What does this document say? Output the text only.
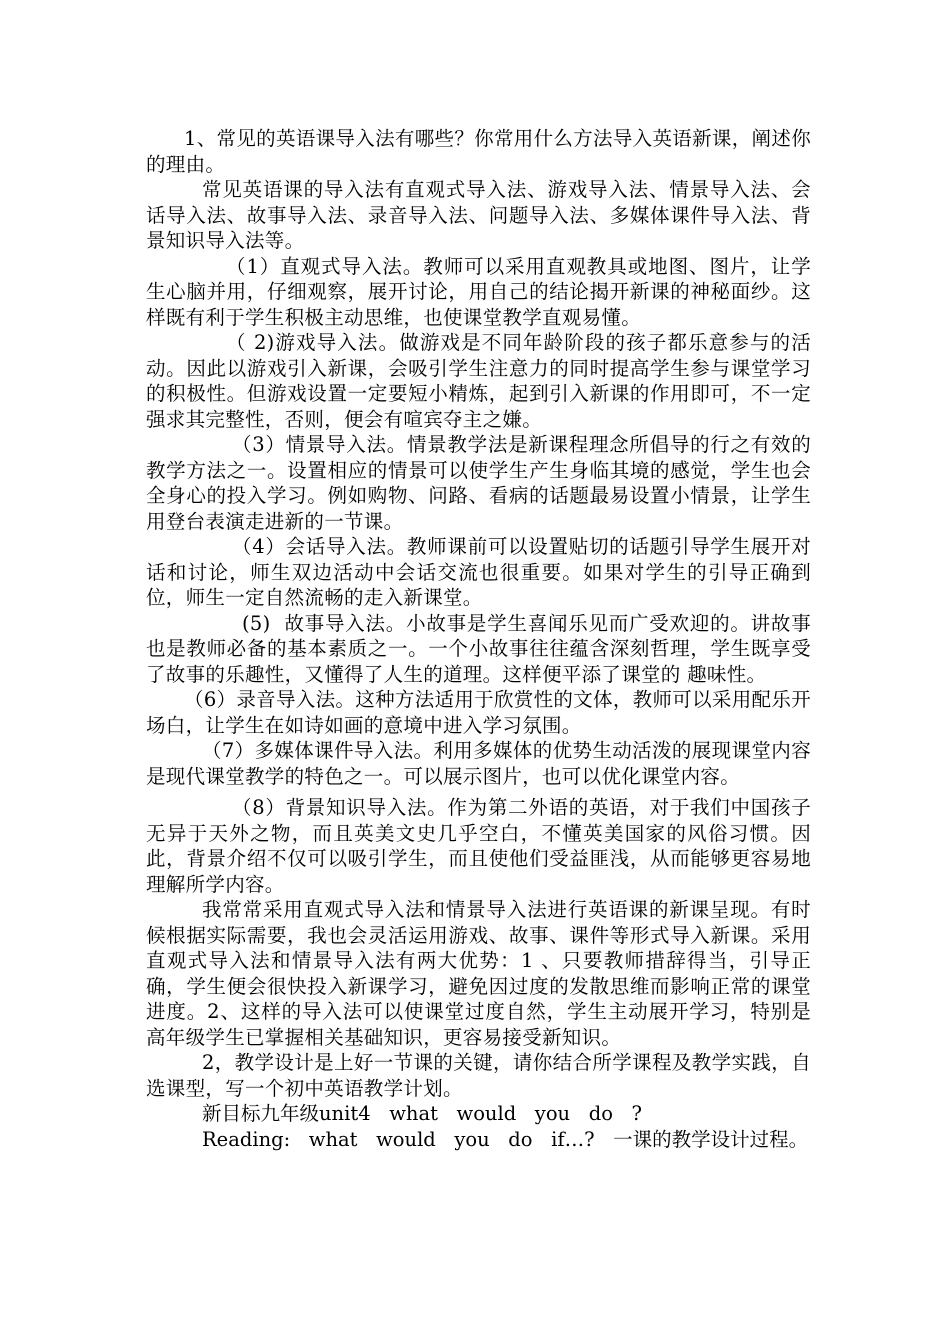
1、常见的英语课导入法有哪些？你常用什么方法导入英语新课，阐述你的理由。

常见英语课的导入法有直观式导入法、游戏导入法、情景导入法、会话导入法、故事导入法、录音导入法、问题导入法、多媒体课件导入法、背景知识导入法等。

（1）直观式导入法。教师可以采用直观教具或地图、图片，让学生心脑并用，仔细观察，展开讨论，用自己的结论揭开新课的神秘面纱。这样既有利于学生积极主动思维，也使课堂教学直观易懂。

（ 2)游戏导入法。做游戏是不同年龄阶段的孩子都乐意参与的活动。因此以游戏引入新课，会吸引学生注意力的同时提高学生参与课堂学习的积极性。但游戏设置一定要短小精炼，起到引入新课的作用即可，不一定强求其完整性，否则，便会有喧宾夺主之嫌。

（3）情景导入法。情景教学法是新课程理念所倡导的行之有效的教学方法之一。设置相应的情景可以使学生产生身临其境的感觉，学生也会全身心的投入学习。例如购物、问路、看病的话题最易设置小情景，让学生用登台表演走进新的一节课。

（4）会话导入法。教师课前可以设置贴切的话题引导学生展开对话和讨论，师生双边活动中会话交流也很重要。如果对学生的引导正确到位，师生一定自然流畅的走入新课堂。

(5)  故事导入法。小故事是学生喜闻乐见而广受欢迎的。讲故事也是教师必备的基本素质之一。一个小故事往往蕴含深刻哲理，学生既享受了故事的乐趣性，又懂得了人生的道理。这样便平添了课堂的 趣味性。

（6）录音导入法。这种方法适用于欣赏性的文体，教师可以采用配乐开场白，让学生在如诗如画的意境中进入学习氛围。

（7）多媒体课件导入法。利用多媒体的优势生动活泼的展现课堂内容是现代课堂教学的特色之一。可以展示图片，也可以优化课堂内容。

（8）背景知识导入法。作为第二外语的英语，对于我们中国孩子无异于天外之物，而且英美文史几乎空白，不懂英美国家的风俗习惯。因此，背景介绍不仅可以吸引学生，而且使他们受益匪浅，从而能够更容易地理解所学内容。

我常常采用直观式导入法和情景导入法进行英语课的新课呈现。有时候根据实际需要，我也会灵活运用游戏、故事、课件等形式导入新课。采用直观式导入法和情景导入法有两大优势：1 、只要教师措辞得当，引导正确，学生便会很快投入新课学习，避免因过度的发散思维而影响正常的课堂进度。2、这样的导入法可以使课堂过度自然，学生主动展开学习，特别是高年级学生已掌握相关基础知识，更容易接受新知识。

2，教学设计是上好一节课的关键，请你结合所学课程及教学实践，自选课型，写一个初中英语教学计划。

新目标九年级unit4   what   would   you   do   ?

Reading:   what   would   you   do   if…?   一课的教学设计过程。
